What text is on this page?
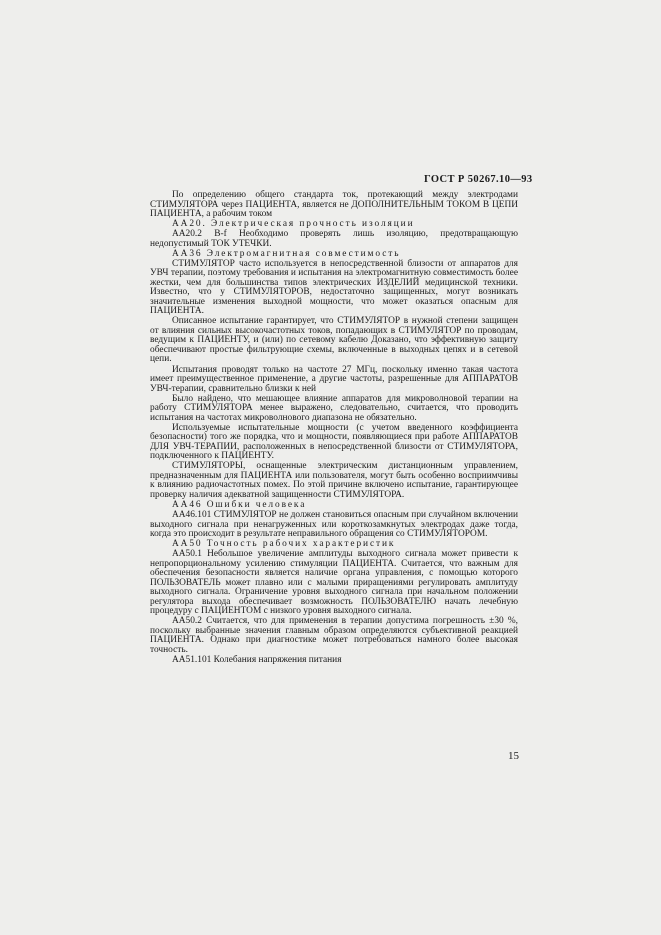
ГОСТ Р 50267.10—93

По определению общего стандарта ток, протекающий между электродами СТИМУЛЯТОРА через ПАЦИЕНТА, является не ДОПОЛНИТЕЛЬНЫМ ТОКОМ В ЦЕПИ ПАЦИЕНТА, а рабочим током

АА20. Электрическая прочность изоляции

АА20.2 В-f Необходимо проверять лишь изоляцию, предотвращающую недопустимый ТОК УТЕЧКИ.

АА36 Электромагнитная совместимость

СТИМУЛЯТОР часто используется в непосредственной близости от аппаратов для УВЧ терапии, поэтому требования и испытания на электромагнитную совместимость более жестки, чем для большинства типов электрических ИЗДЕЛИЙ медицинской техники. Известно, что у СТИМУЛЯТОРОВ, недостаточно защищенных, могут возникать значительные изменения выходной мощности, что может оказаться опасным для ПАЦИЕНТА.

Описанное испытание гарантирует, что СТИМУЛЯТОР в нужной степени защищен от влияния сильных высокочастотных токов, попадающих в СТИМУЛЯТОР по проводам, ведущим к ПАЦИЕНТУ, и (или) по сетевому кабелю Доказано, что эффективную защиту обеспечивают простые фильтрующие схемы, включенные в выходных цепях и в сетевой цепи.

Испытания проводят только на частоте 27 МГц, поскольку именно такая частота имеет преимущественное применение, а другие частоты, разрешенные для АППАРАТОВ УВЧ-терапии, сравнительно близки к ней

Было найдено, что мешающее влияние аппаратов для микроволновой терапии на работу СТИМУЛЯТОРА менее выражено, следовательно, считается, что проводить испытания на частотах микроволнового диапазона не обязательно.

Используемые испытательные мощности (с учетом введенного коэффициента безопасности) того же порядка, что и мощности, появляющиеся при работе АППАРАТОВ ДЛЯ УВЧ-ТЕРАПИИ, расположенных в непосредственной близости от СТИМУЛЯТОРА, подключенного к ПАЦИЕНТУ.

СТИМУЛЯТОРЫ, оснащенные электрическим дистанционным управлением, предназначенным для ПАЦИЕНТА или пользователя, могут быть особенно восприимчивы к влиянию радиочастотных помех. По этой причине включено испытание, гарантирующее проверку наличия адекватной защищенности СТИМУЛЯТОРА.

АА46 Ошибки человека

АА46.101 СТИМУЛЯТОР не должен становиться опасным при случайном включении выходного сигнала при ненагруженных или короткозамкнутых электродах даже тогда, когда это происходит в результате неправильного обращения со СТИМУЛЯТОРОМ.

АА50 Точность рабочих характеристик

АА50.1 Небольшое увеличение амплитуды выходного сигнала может привести к непропорциональному усилению стимуляции ПАЦИЕНТА. Считается, что важным для обеспечения безопасности является наличие органа управления, с помощью которого ПОЛЬЗОВАТЕЛЬ может плавно или с малыми приращениями регулировать амплитуду выходного сигнала. Ограничение уровня выходного сигнала при начальном положении регулятора выхода обеспечивает возможность ПОЛЬЗОВАТЕЛЮ начать лечебную процедуру с ПАЦИЕНТОМ с низкого уровня выходного сигнала.

АА50.2 Считается, что для применения в терапии допустима погрешность ±30 %, поскольку выбранные значения главным образом определяются субъективной реакцией ПАЦИЕНТА. Однако при диагностике может потребоваться намного более высокая точность.

АА51.101 Колебания напряжения питания

15
